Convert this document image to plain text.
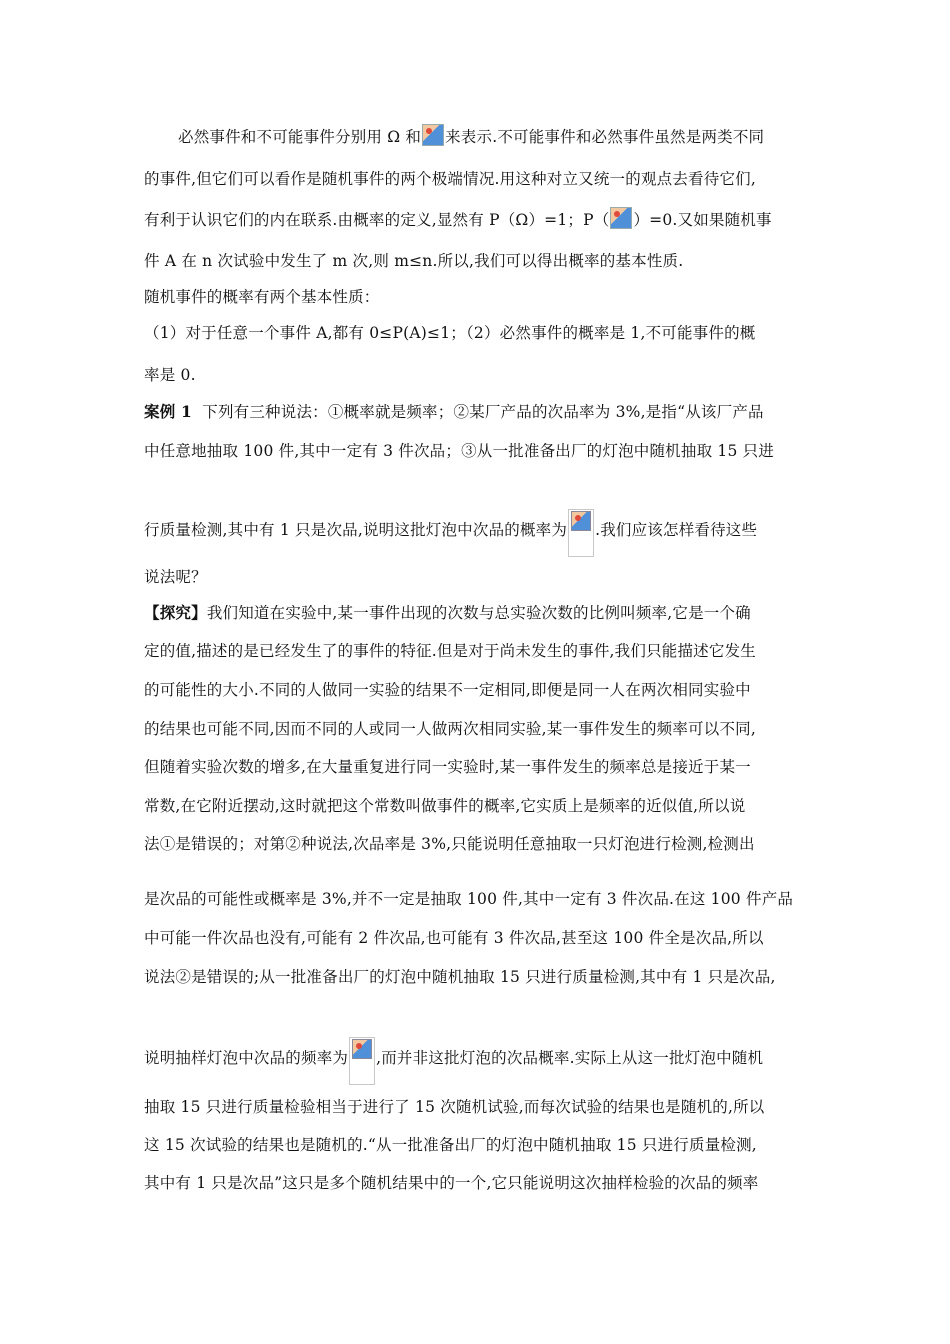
必然事件和不可能事件分别用 Ω 和 来表示.不可能事件和必然事件虽然是两类不同
的事件,但它们可以看作是随机事件的两个极端情况.用这种对立又统一的观点去看待它们,
有利于认识它们的内在联系.由概率的定义,显然有 P（Ω）=1；P（ ）=0.又如果随机事
件 A 在 n 次试验中发生了 m 次,则 m≤n.所以,我们可以得出概率的基本性质.
随机事件的概率有两个基本性质：
（1）对于任意一个事件 A,都有 0≤P(A)≤1；（2）必然事件的概率是 1,不可能事件的概
率是 0.
案例 1 下列有三种说法：①概率就是频率；②某厂产品的次品率为 3%,是指“从该厂产品
中任意地抽取 100 件,其中一定有 3 件次品；③从一批准备出厂的灯泡中随机抽取 15 只进
行质量检测,其中有 1 只是次品,说明这批灯泡中次品的概率为 .我们应该怎样看待这些
说法呢？
【探究】我们知道在实验中,某一事件出现的次数与总实验次数的比例叫频率,它是一个确
定的值,描述的是已经发生了的事件的特征.但是对于尚未发生的事件,我们只能描述它发生
的可能性的大小.不同的人做同一实验的结果不一定相同,即便是同一人在两次相同实验中
的结果也可能不同,因而不同的人或同一人做两次相同实验,某一事件发生的频率可以不同,
但随着实验次数的增多,在大量重复进行同一实验时,某一事件发生的频率总是接近于某一
常数,在它附近摆动,这时就把这个常数叫做事件的概率,它实质上是频率的近似值,所以说
法①是错误的；对第②种说法,次品率是 3%,只能说明任意抽取一只灯泡进行检测,检测出
是次品的可能性或概率是 3%,并不一定是抽取 100 件,其中一定有 3 件次品.在这 100 件产品
中可能一件次品也没有,可能有 2 件次品,也可能有 3 件次品,甚至这 100 件全是次品,所以
说法②是错误的;从一批准备出厂的灯泡中随机抽取 15 只进行质量检测,其中有 1 只是次品,
说明抽样灯泡中次品的频率为 ,而并非这批灯泡的次品概率.实际上从这一批灯泡中随机
抽取 15 只进行质量检验相当于进行了 15 次随机试验,而每次试验的结果也是随机的,所以
这 15 次试验的结果也是随机的.“从一批准备出厂的灯泡中随机抽取 15 只进行质量检测,
其中有 1 只是次品”这只是多个随机结果中的一个,它只能说明这次抽样检验的次品的频率
